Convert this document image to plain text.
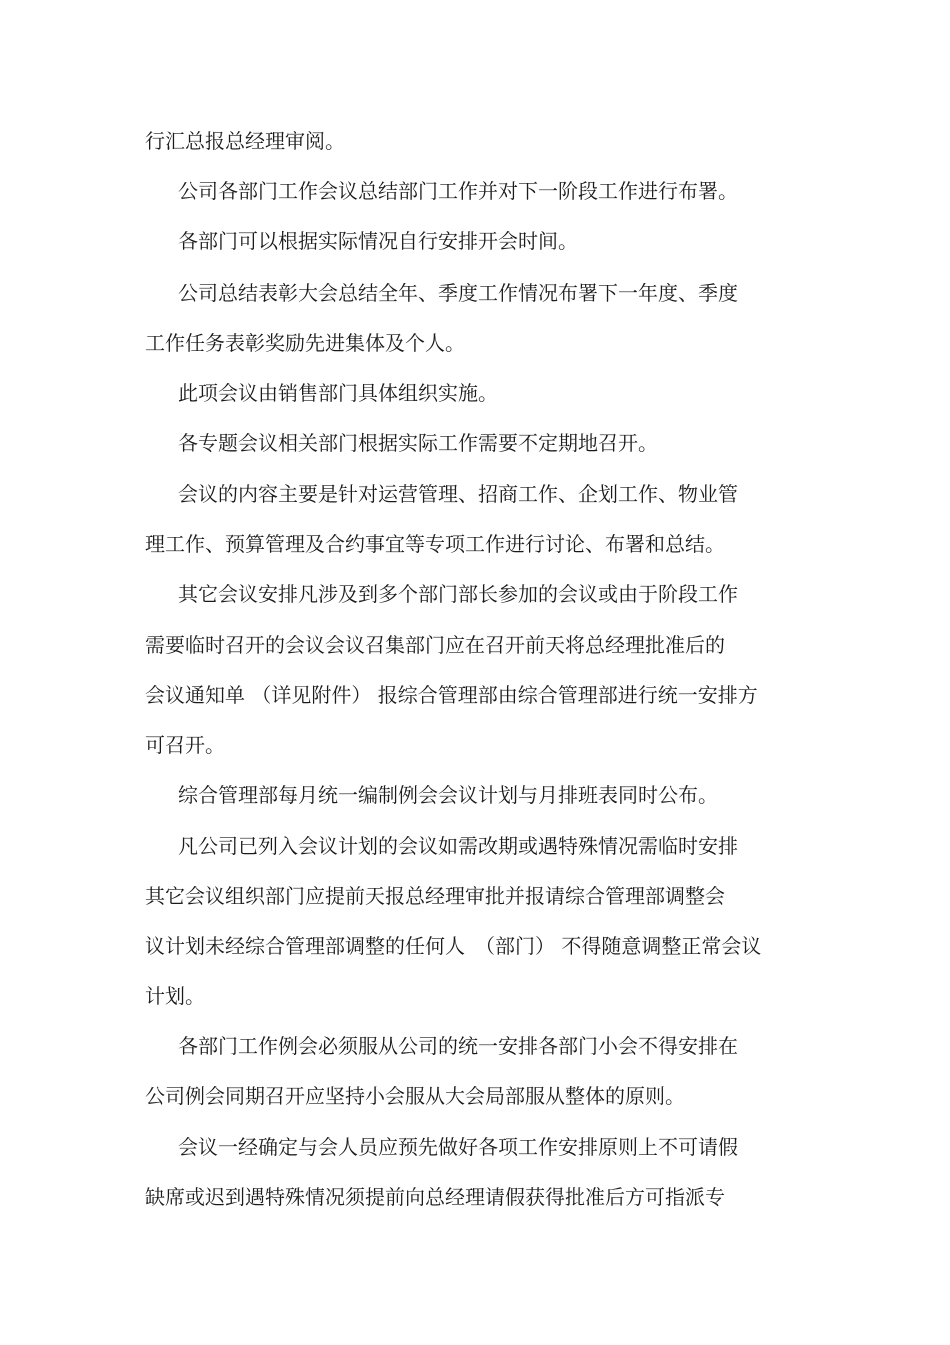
行汇总报总经理审阅。

公司各部门工作会议总结部门工作并对下一阶段工作进行布署。

各部门可以根据实际情况自行安排开会时间。

公司总结表彰大会总结全年、季度工作情况布署下一年度、季度

工作任务表彰奖励先进集体及个人。

此项会议由销售部门具体组织实施。

各专题会议相关部门根据实际工作需要不定期地召开。

会议的内容主要是针对运营管理、招商工作、企划工作、物业管

理工作、预算管理及合约事宜等专项工作进行讨论、布署和总结。

其它会议安排凡涉及到多个部门部长参加的会议或由于阶段工作

需要临时召开的会议会议召集部门应在召开前天将总经理批准后的

会议通知单 （详见附件） 报综合管理部由综合管理部进行统一安排方

可召开。

综合管理部每月统一编制例会会议计划与月排班表同时公布。

凡公司已列入会议计划的会议如需改期或遇特殊情况需临时安排

其它会议组织部门应提前天报总经理审批并报请综合管理部调整会

议计划未经综合管理部调整的任何人　（部门） 不得随意调整正常会议

计划。

各部门工作例会必须服从公司的统一安排各部门小会不得安排在

公司例会同期召开应坚持小会服从大会局部服从整体的原则。

会议一经确定与会人员应预先做好各项工作安排原则上不可请假

缺席或迟到遇特殊情况须提前向总经理请假获得批准后方可指派专
